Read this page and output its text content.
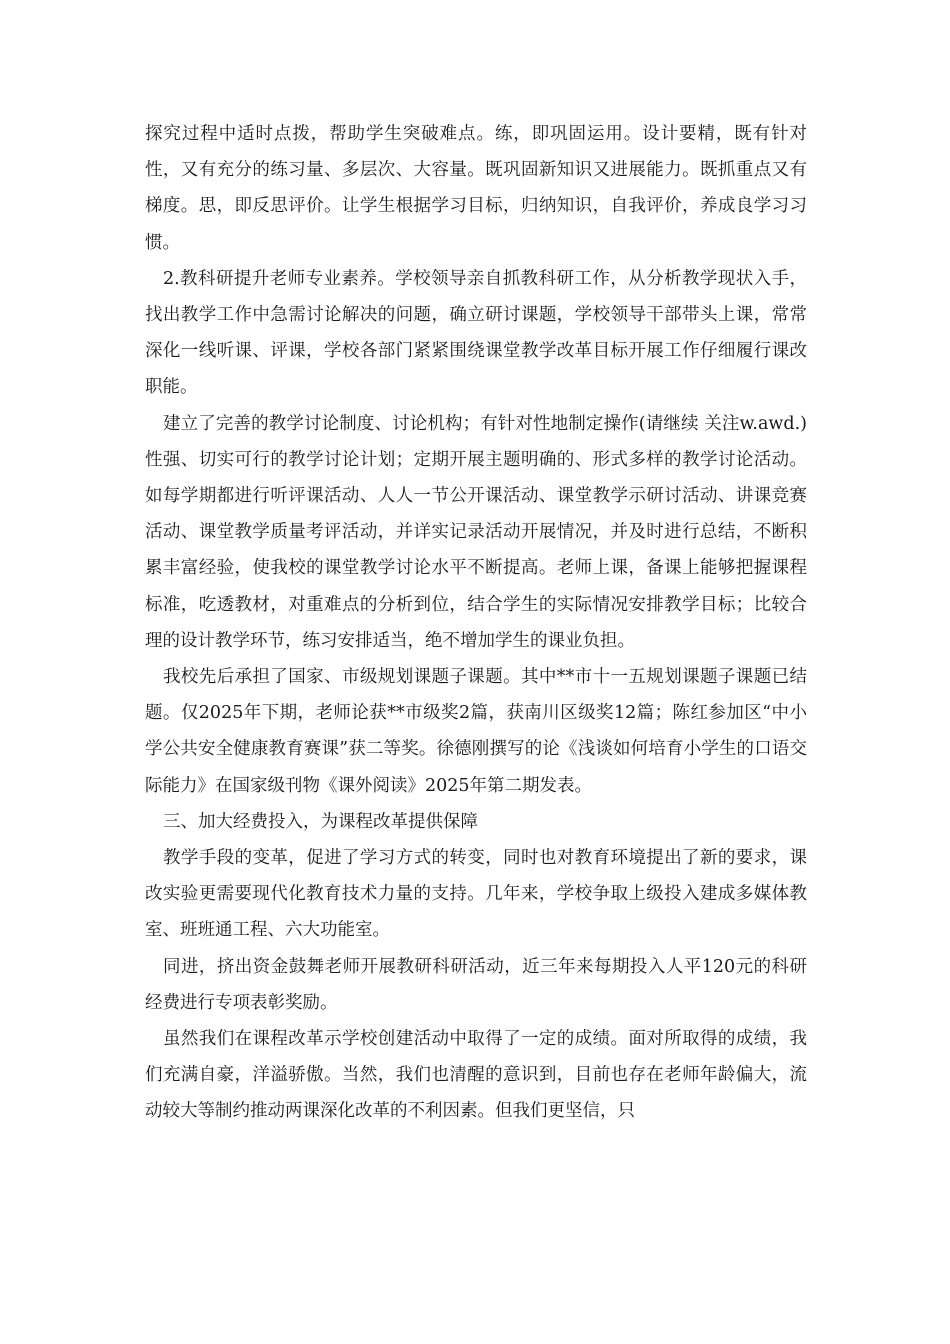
探究过程中适时点拨，帮助学生突破难点。练，即巩固运用。设计要精，既有针对性，又有充分的练习量、多层次、大容量。既巩固新知识又进展能力。既抓重点又有梯度。思，即反思评价。让学生根据学习目标，归纳知识，自我评价，养成良学习习惯。

2.教科研提升老师专业素养。学校领导亲自抓教科研工作，从分析教学现状入手，找出教学工作中急需讨论解决的问题，确立研讨课题，学校领导干部带头上课，常常深化一线听课、评课，学校各部门紧紧围绕课堂教学改革目标开展工作仔细履行课改职能。

建立了完善的教学讨论制度、讨论机构；有针对性地制定操作(请继续 关注w.awd.)性强、切实可行的教学讨论计划；定期开展主题明确的、形式多样的教学讨论活动。如每学期都进行听评课活动、人人一节公开课活动、课堂教学示研讨活动、讲课竞赛活动、课堂教学质量考评活动，并详实记录活动开展情况，并及时进行总结，不断积累丰富经验，使我校的课堂教学讨论水平不断提高。老师上课，备课上能够把握课程标准，吃透教材，对重难点的分析到位，结合学生的实际情况安排教学目标；比较合理的设计教学环节，练习安排适当，绝不增加学生的课业负担。

我校先后承担了国家、市级规划课题子课题。其中**市十一五规划课题子课题已结题。仅2025年下期，老师论获**市级奖2篇，获南川区级奖12篇；陈红参加区“中小学公共安全健康教育赛课”获二等奖。徐德刚撰写的论《浅谈如何培育小学生的口语交际能力》在国家级刊物《课外阅读》2025年第二期发表。

三、加大经费投入，为课程改革提供保障

教学手段的变革，促进了学习方式的转变，同时也对教育环境提出了新的要求，课改实验更需要现代化教育技术力量的支持。几年来，学校争取上级投入建成多媒体教室、班班通工程、六大功能室。

同进，挤出资金鼓舞老师开展教研科研活动，近三年来每期投入人平120元的科研经费进行专项表彰奖励。

虽然我们在课程改革示学校创建活动中取得了一定的成绩。面对所取得的成绩，我们充满自豪，洋溢骄傲。当然，我们也清醒的意识到，目前也存在老师年龄偏大，流动较大等制约推动两课深化改革的不利因素。但我们更坚信，只
